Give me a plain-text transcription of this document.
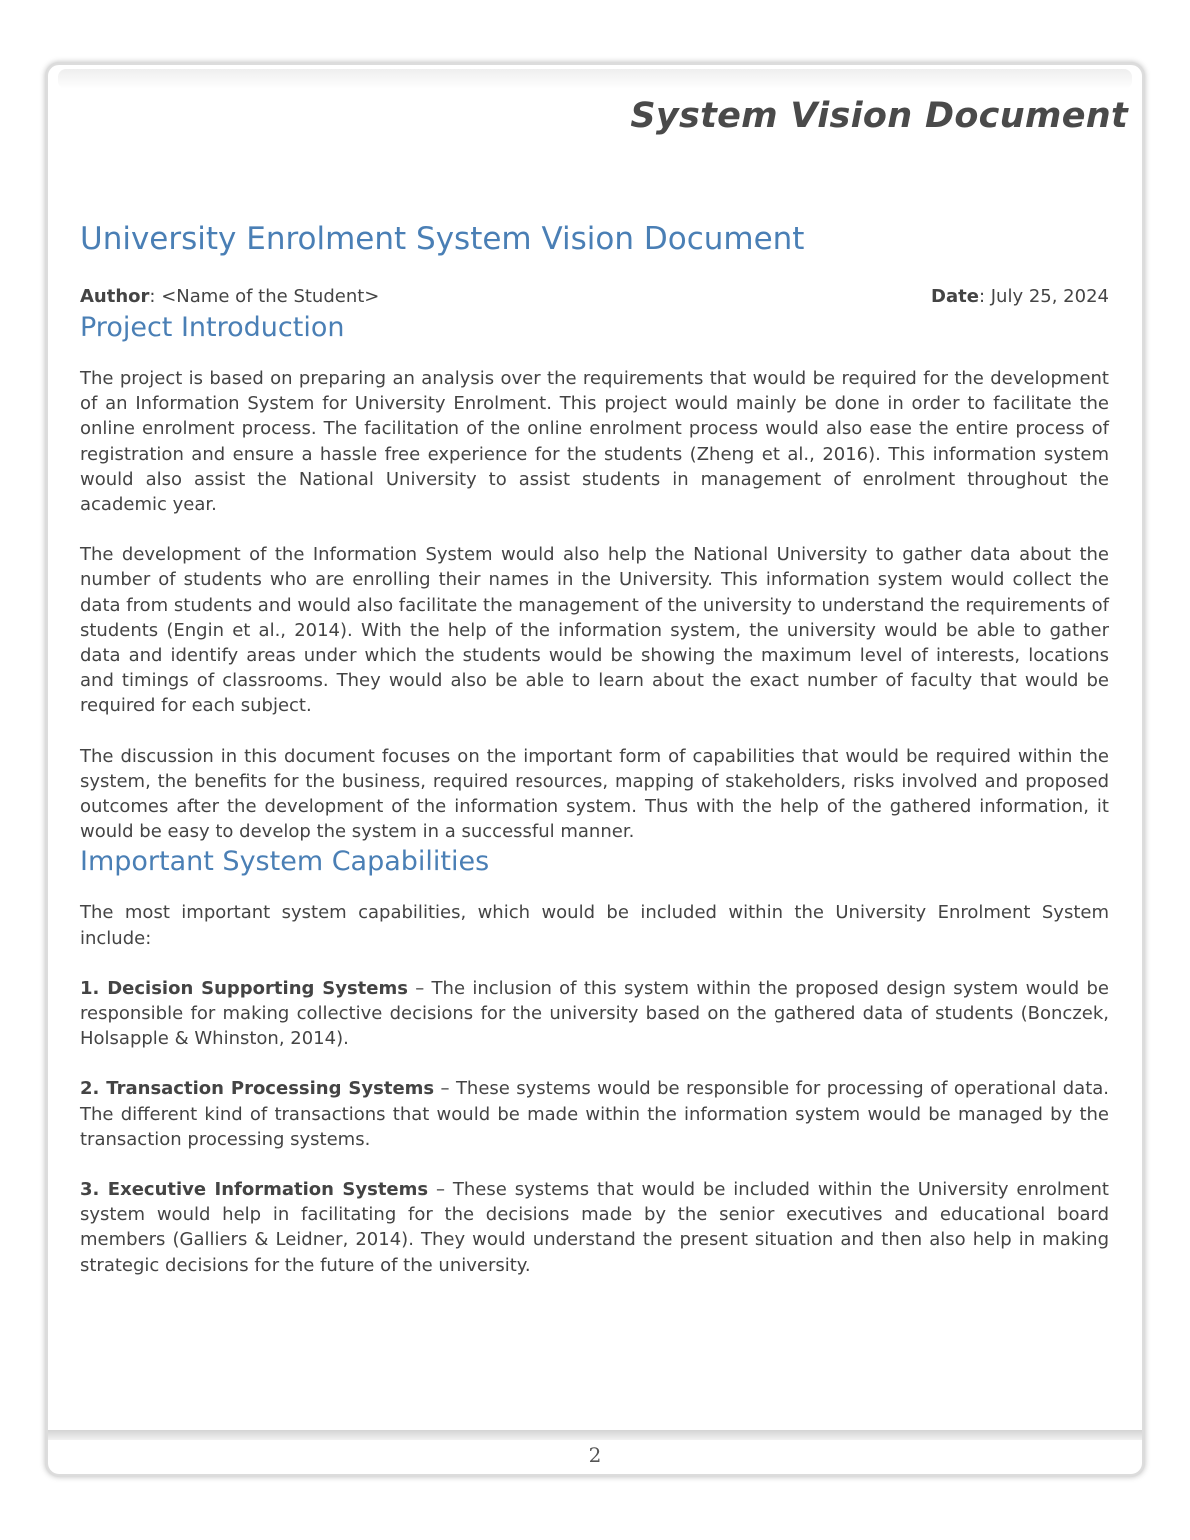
System Vision Document
University Enrolment System Vision Document
Author: <Name of the Student>	Date: July 25, 2024
Project Introduction

The project is based on preparing an analysis over the requirements that would be required for the development of an Information System for University Enrolment. This project would mainly be done in order to facilitate the online enrolment process. The facilitation of the online enrolment process would also ease the entire process of registration and ensure a hassle free experience for the students (Zheng et al., 2016). This information system would also assist the National University to assist students in management of enrolment throughout the academic year.

The development of the Information System would also help the National University to gather data about the number of students who are enrolling their names in the University. This information system would collect the data from students and would also facilitate the management of the university to understand the requirements of students (Engin et al., 2014). With the help of the information system, the university would be able to gather data and identify areas under which the students would be showing the maximum level of interests, locations and timings of classrooms. They would also be able to learn about the exact number of faculty that would be required for each subject.

The discussion in this document focuses on the important form of capabilities that would be required within the system, the benefits for the business, required resources, mapping of stakeholders, risks involved and proposed outcomes after the development of the information system. Thus with the help of the gathered information, it would be easy to develop the system in a successful manner.

Important System Capabilities

The most important system capabilities, which would be included within the University Enrolment System include:

1. Decision Supporting Systems – The inclusion of this system within the proposed design system would be responsible for making collective decisions for the university based on the gathered data of students (Bonczek, Holsapple & Whinston, 2014).

2. Transaction Processing Systems – These systems would be responsible for processing of operational data. The different kind of transactions that would be made within the information system would be managed by the transaction processing systems.

3. Executive Information Systems – These systems that would be included within the University enrolment system would help in facilitating for the decisions made by the senior executives and educational board members (Galliers & Leidner, 2014). They would understand the present situation and then also help in making strategic decisions for the future of the university.

2
